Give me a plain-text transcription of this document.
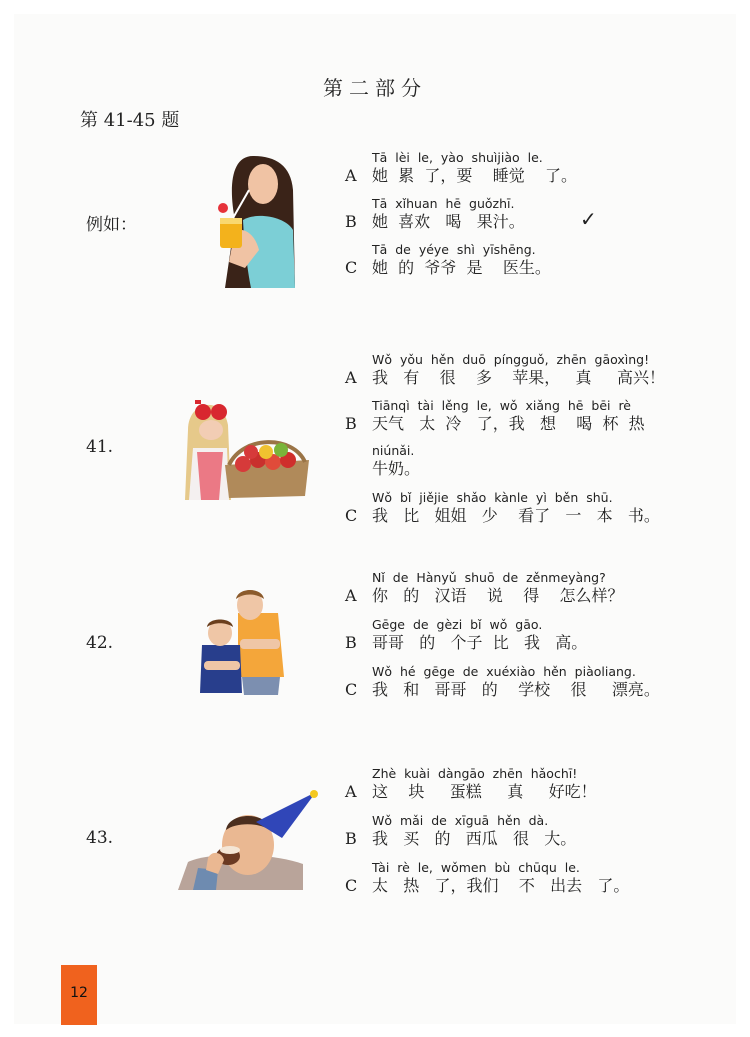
第二部分
第 41-45 题
例如：
Tā  lèi  le,  yào  shuìjiào  le.
A 她  累  了，要    睡觉    了。
Tā  xǐhuan  hē  guǒzhī.
B 她  喜欢   喝   果汁。	✓
Tā  de  yéye  shì  yīshēng.
C 她  的  爷爷  是    医生。
41.
Wǒ  yǒu  hěn  duō  píngguǒ,  zhēn  gāoxìng!
A 我   有    很    多    苹果，   真     高兴！
Tiānqì  tài  lěng  le,  wǒ  xiǎng  hē  bēi  rè
B 天气   太  冷   了，我   想    喝  杯  热
niúnǎi.
牛奶。
Wǒ  bǐ  jiějie  shǎo  kànle  yì  běn  shū.
C 我   比   姐姐   少    看了   一   本   书。
42.
Nǐ  de  Hànyǔ  shuō  de  zěnmeyàng?
A 你   的   汉语    说    得    怎么样？
Gēge  de  gèzi  bǐ  wǒ  gāo.
B 哥哥   的   个子  比   我   高。
Wǒ  hé  gēge  de  xuéxiào  hěn  piàoliang.
C 我   和   哥哥   的    学校    很     漂亮。
43.
Zhè  kuài  dàngāo  zhēn  hǎochī!
A 这    块     蛋糕     真     好吃！
Wǒ  mǎi  de  xīguā  hěn  dà.
B 我   买   的   西瓜   很   大。
Tài  rè  le,  wǒmen  bù  chūqu  le.
C 太   热   了，我们    不   出去   了。
12
